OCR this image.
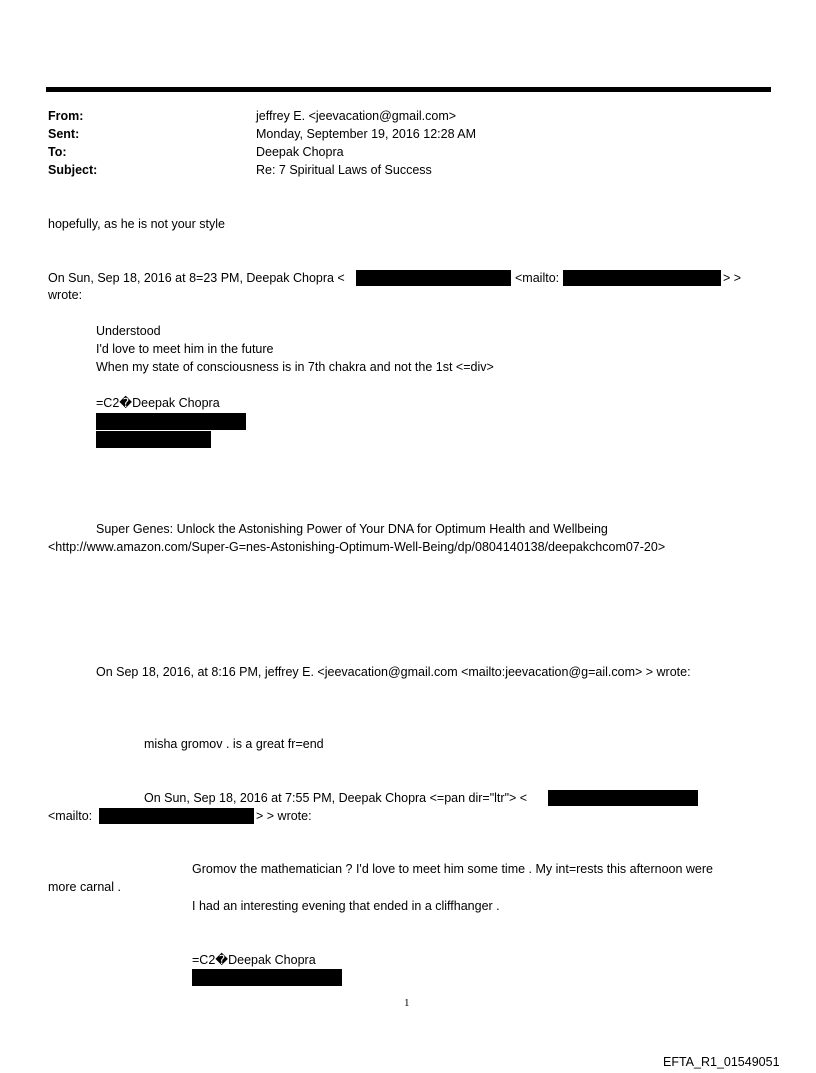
From:	jeffrey E. <jeevacation@gmail.com>
Sent:	Monday, September 19, 2016 12:28 AM
To:	Deepak Chopra
Subject:	Re: 7 Spiritual Laws of Success
hopefully, as he is not your style
On Sun, Sep 18, 2016 at 8=23 PM, Deepak Chopra <	<mailto:	> >
wrote:
Understood
I'd love to meet him in the future
When my state of consciousness is in 7th chakra and not the 1st <=div>
=C2�Deepak Chopra
Super Genes: Unlock the Astonishing Power of Your DNA for Optimum Health and Wellbeing
<http://www.amazon.com/Super-G=nes-Astonishing-Optimum-Well-Being/dp/0804140138/deepakchcom07-20>
On Sep 18, 2016, at 8:16 PM, jeffrey E. <jeevacation@gmail.com <mailto:jeevacation@g=ail.com> > wrote:
misha gromov . is a great fr=end
On Sun, Sep 18, 2016 at 7:55 PM, Deepak Chopra <=pan dir="ltr"> <
<mailto:	> > wrote:
Gromov the mathematician ? I'd love to meet him some time . My int=rests this afternoon were
more carnal .
I had an interesting evening that ended in a cliffhanger .
=C2�Deepak Chopra
1
EFTA_R1_01549051
